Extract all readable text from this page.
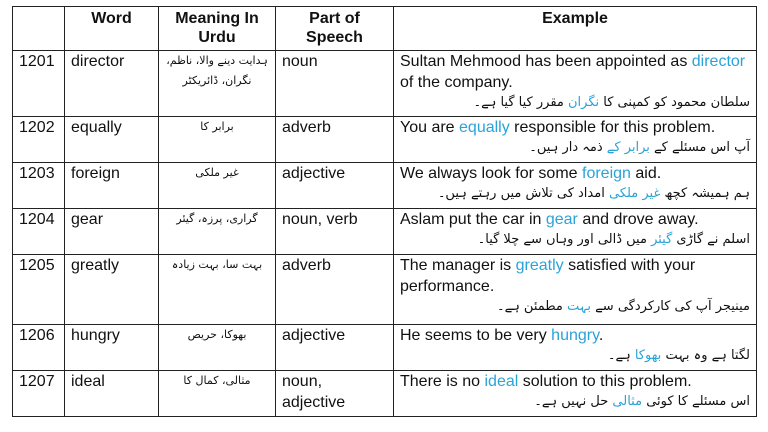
	Word	Meaning In Urdu	Part of Speech	Example
1201	director	ہدایت دینے والا، ناظم، نگران، ڈائریکٹر	noun	Sultan Mehmood has been appointed as director of the company.
سلطان محمود کو کمپنی کا نگران مقرر کیا گیا ہے۔

1202	equally	برابر کا	adverb	You are equally responsible for this problem.
آپ اس مسئلے کے برابر کے ذمہ دار ہیں۔

1203	foreign	غیر ملکی	adjective	We always look for some foreign aid.
ہم ہمیشہ کچھ غیر ملکی امداد کی تلاش میں رہتے ہیں۔

1204	gear	گراری، پرزہ، گیئر	noun, verb	Aslam put the car in gear and drove away.
اسلم نے گاڑی گیئر میں ڈالی اور وہاں سے چلا گیا۔

1205	greatly	بہت سا، بہت زیادہ	adverb	The manager is greatly satisfied with your performance.
مینیجر آپ کی کارکردگی سے بہت مطمئن ہے۔

1206	hungry	بھوکا، حریص	adjective	He seems to be very hungry.
لگتا ہے وہ بہت بھوکا ہے۔

1207	ideal	مثالی، کمال کا	noun, adjective	There is no ideal solution to this problem.
اس مسئلے کا کوئی مثالی حل نہیں ہے۔
